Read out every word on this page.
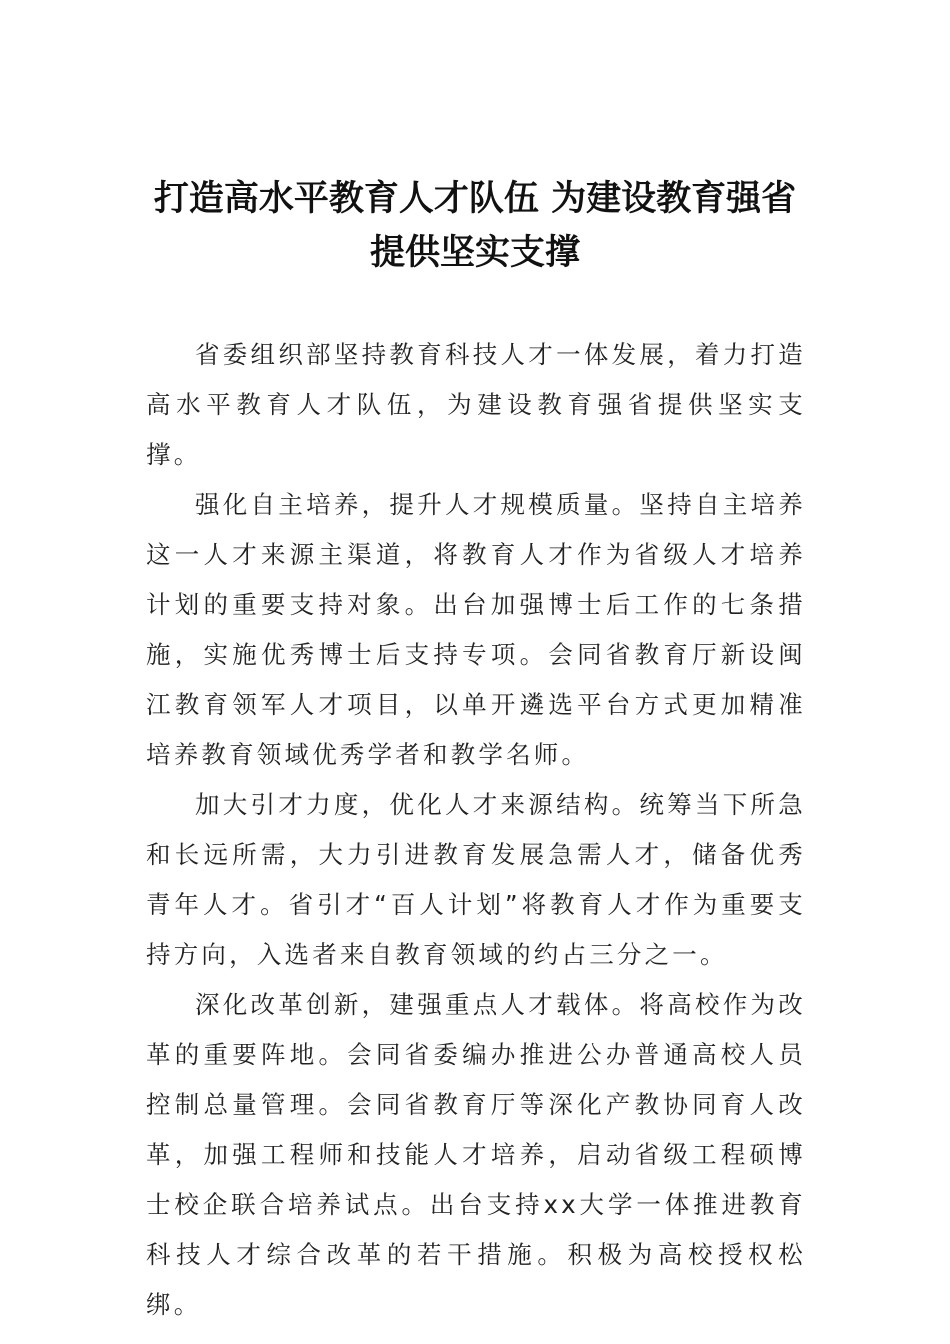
打造高水平教育人才队伍 为建设教育强省
提供坚实支撑

省委组织部坚持教育科技人才一体发展，着力打造高水平教育人才队伍，为建设教育强省提供坚实支撑。

强化自主培养，提升人才规模质量。坚持自主培养这一人才来源主渠道，将教育人才作为省级人才培养计划的重要支持对象。出台加强博士后工作的七条措施，实施优秀博士后支持专项。会同省教育厅新设闽江教育领军人才项目，以单开遴选平台方式更加精准培养教育领域优秀学者和教学名师。

加大引才力度，优化人才来源结构。统筹当下所急和长远所需，大力引进教育发展急需人才，储备优秀青年人才。省引才“百人计划”将教育人才作为重要支持方向，入选者来自教育领域的约占三分之一。

深化改革创新，建强重点人才载体。将高校作为改革的重要阵地。会同省委编办推进公办普通高校人员控制总量管理。会同省教育厅等深化产教协同育人改革，加强工程师和技能人才培养，启动省级工程硕博士校企联合培养试点。出台支持xx大学一体推进教育科技人才综合改革的若干措施。积极为高校授权松绑。
